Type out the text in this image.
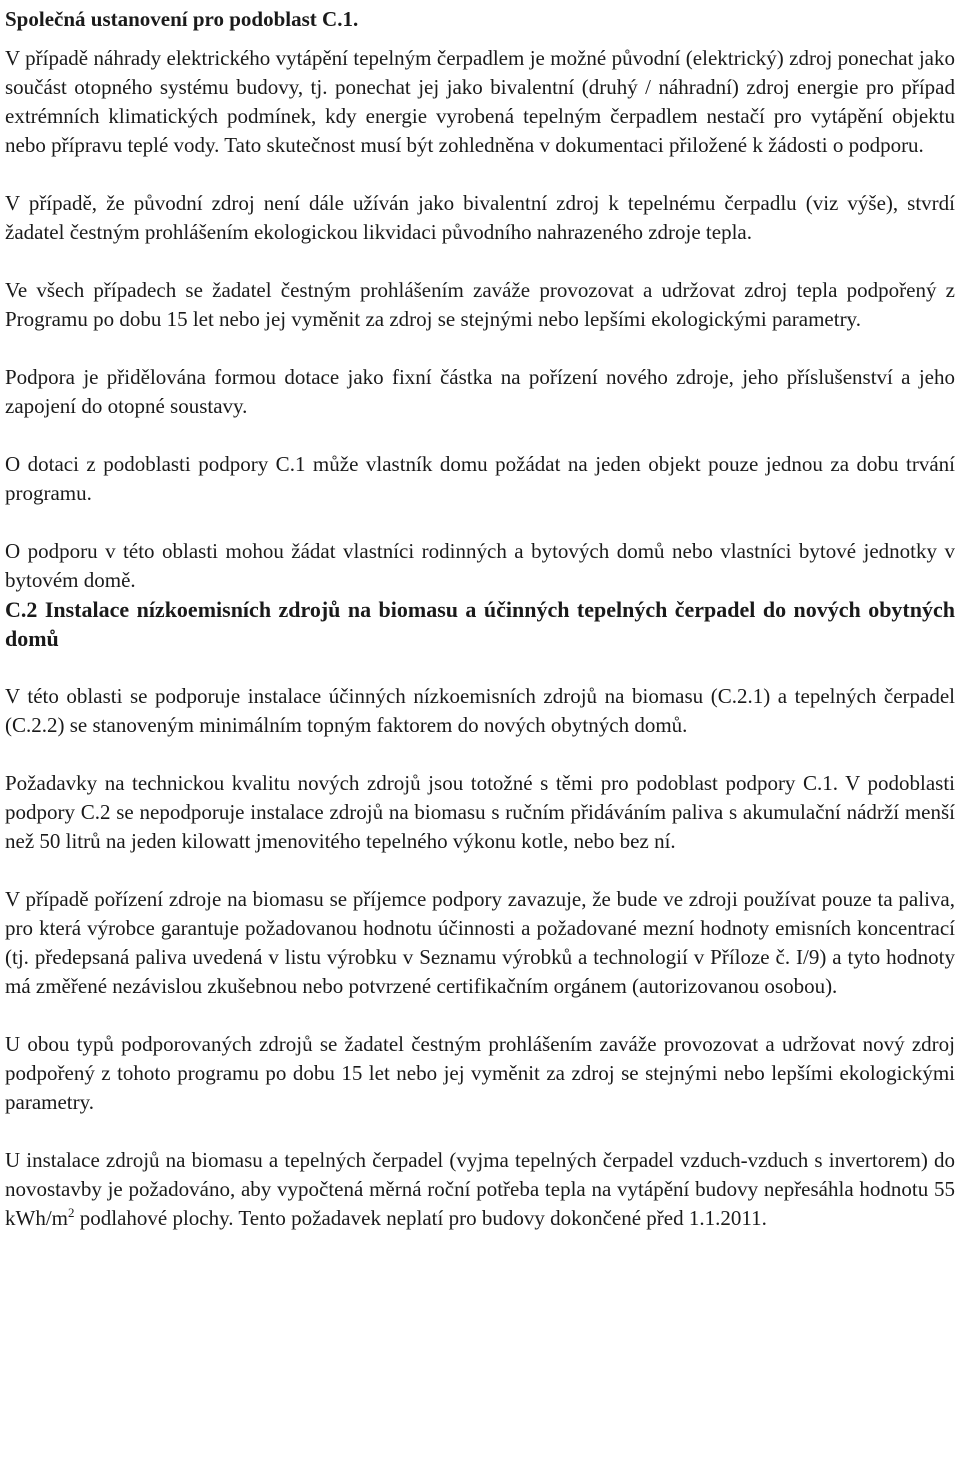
Společná ustanovení pro podoblast C.1.

V případě náhrady elektrického vytápění tepelným čerpadlem je možné původní (elektrický) zdroj ponechat jako součást otopného systému budovy, tj. ponechat jej jako bivalentní (druhý / náhradní) zdroj energie pro případ extrémních klimatických podmínek, kdy energie vyrobená tepelným čerpadlem nestačí pro vytápění objektu nebo přípravu teplé vody. Tato skutečnost musí být zohledněna v dokumentaci přiložené k žádosti o podporu.

V případě, že původní zdroj není dále užíván jako bivalentní zdroj k tepelnému čerpadlu (viz výše), stvrdí žadatel čestným prohlášením ekologickou likvidaci původního nahrazeného zdroje tepla.

Ve všech případech se žadatel čestným prohlášením zaváže provozovat a udržovat zdroj tepla podpořený z Programu po dobu 15 let nebo jej vyměnit za zdroj se stejnými nebo lepšími ekologickými parametry.

Podpora je přidělována formou dotace jako fixní částka na pořízení nového zdroje, jeho příslušenství a jeho zapojení do otopné soustavy.

O dotaci z podoblasti podpory C.1 může vlastník domu požádat na jeden objekt pouze jednou za dobu trvání programu.

O podporu v této oblasti mohou žádat vlastníci rodinných a bytových domů nebo vlastníci bytové jednotky v bytovém domě.

C.2 Instalace nízkoemisních zdrojů na biomasu a účinných tepelných čerpadel do nových obytných domů

V této oblasti se podporuje instalace účinných nízkoemisních zdrojů na biomasu (C.2.1) a tepelných čerpadel (C.2.2) se stanoveným minimálním topným faktorem do nových obytných domů.

Požadavky na technickou kvalitu nových zdrojů jsou totožné s těmi pro podoblast podpory C.1. V podoblasti podpory C.2 se nepodporuje instalace zdrojů na biomasu s ručním přidáváním paliva s akumulační nádrží menší než 50 litrů na jeden kilowatt jmenovitého tepelného výkonu kotle, nebo bez ní.

V případě pořízení zdroje na biomasu se příjemce podpory zavazuje, že bude ve zdroji používat pouze ta paliva, pro která výrobce garantuje požadovanou hodnotu účinnosti a požadované mezní hodnoty emisních koncentrací (tj. předepsaná paliva uvedená v listu výrobku v Seznamu výrobků a technologií v Příloze č. I/9) a tyto hodnoty má změřené nezávislou zkušebnou nebo potvrzené certifikačním orgánem (autorizovanou osobou).

U obou typů podporovaných zdrojů se žadatel čestným prohlášením zaváže provozovat a udržovat nový zdroj podpořený z tohoto programu po dobu 15 let nebo jej vyměnit za zdroj se stejnými nebo lepšími ekologickými parametry.

U instalace zdrojů na biomasu a tepelných čerpadel (vyjma tepelných čerpadel vzduch-vzduch s invertorem) do novostavby je požadováno, aby vypočtená měrná roční potřeba tepla na vytápění budovy nepřesáhla hodnotu 55 kWh/$m^2$ podlahové plochy. Tento požadavek neplatí pro budovy dokončené před 1.1.2011.
